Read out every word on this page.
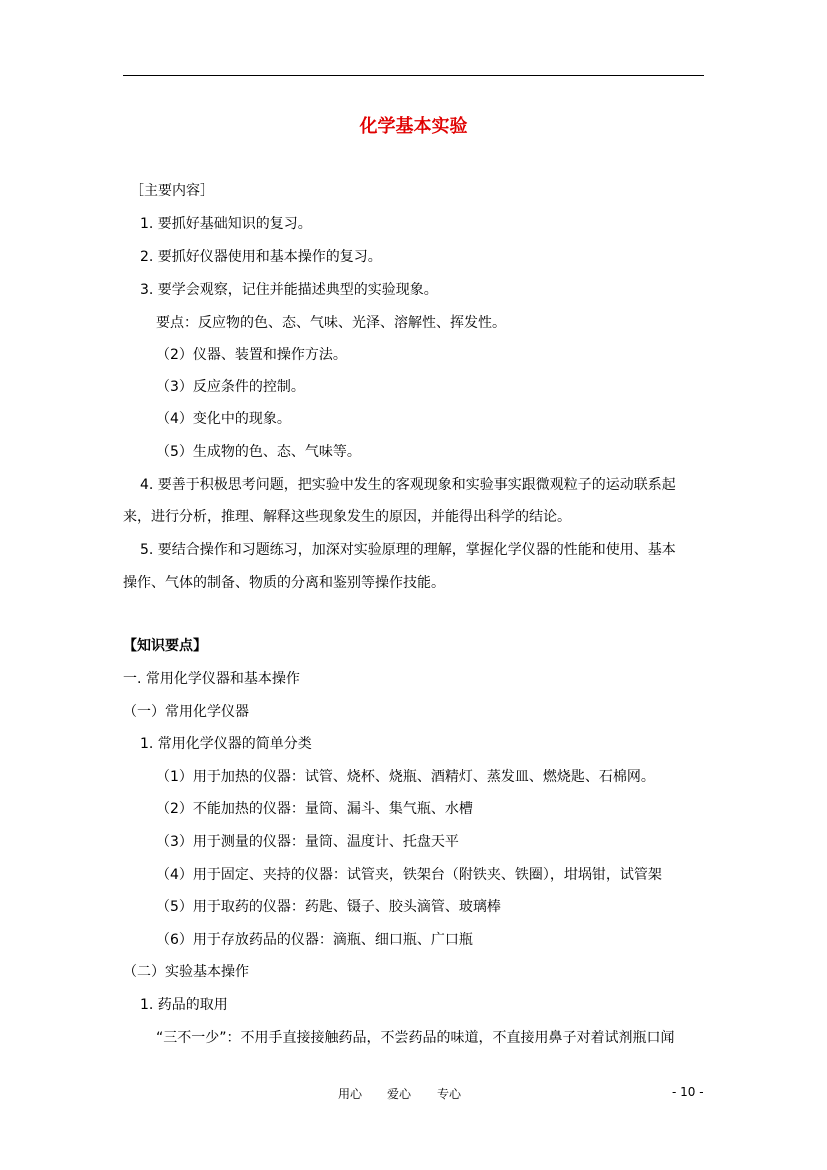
化学基本实验
［主要内容］
1. 要抓好基础知识的复习。
2. 要抓好仪器使用和基本操作的复习。
3. 要学会观察，记住并能描述典型的实验现象。
要点：反应物的色、态、气味、光泽、溶解性、挥发性。
（2）仪器、装置和操作方法。
（3）反应条件的控制。
（4）变化中的现象。
（5）生成物的色、态、气味等。
4. 要善于积极思考问题，把实验中发生的客观现象和实验事实跟微观粒子的运动联系起
来，进行分析，推理、解释这些现象发生的原因，并能得出科学的结论。
5. 要结合操作和习题练习，加深对实验原理的理解，掌握化学仪器的性能和使用、基本
操作、气体的制备、物质的分离和鉴别等操作技能。
【知识要点】
一. 常用化学仪器和基本操作
（一）常用化学仪器
1. 常用化学仪器的简单分类
（1）用于加热的仪器：试管、烧杯、烧瓶、酒精灯、蒸发皿、燃烧匙、石棉网。
（2）不能加热的仪器：量筒、漏斗、集气瓶、水槽
（3）用于测量的仪器：量筒、温度计、托盘天平
（4）用于固定、夹持的仪器：试管夹，铁架台（附铁夹、铁圈），坩埚钳，试管架
（5）用于取药的仪器：药匙、镊子、胶头滴管、玻璃棒
（6）用于存放药品的仪器：滴瓶、细口瓶、广口瓶
（二）实验基本操作
1. 药品的取用
“三不一少”：不用手直接接触药品，不尝药品的味道，不直接用鼻子对着试剂瓶口闻
用心 爱心 专心	- 10 -
